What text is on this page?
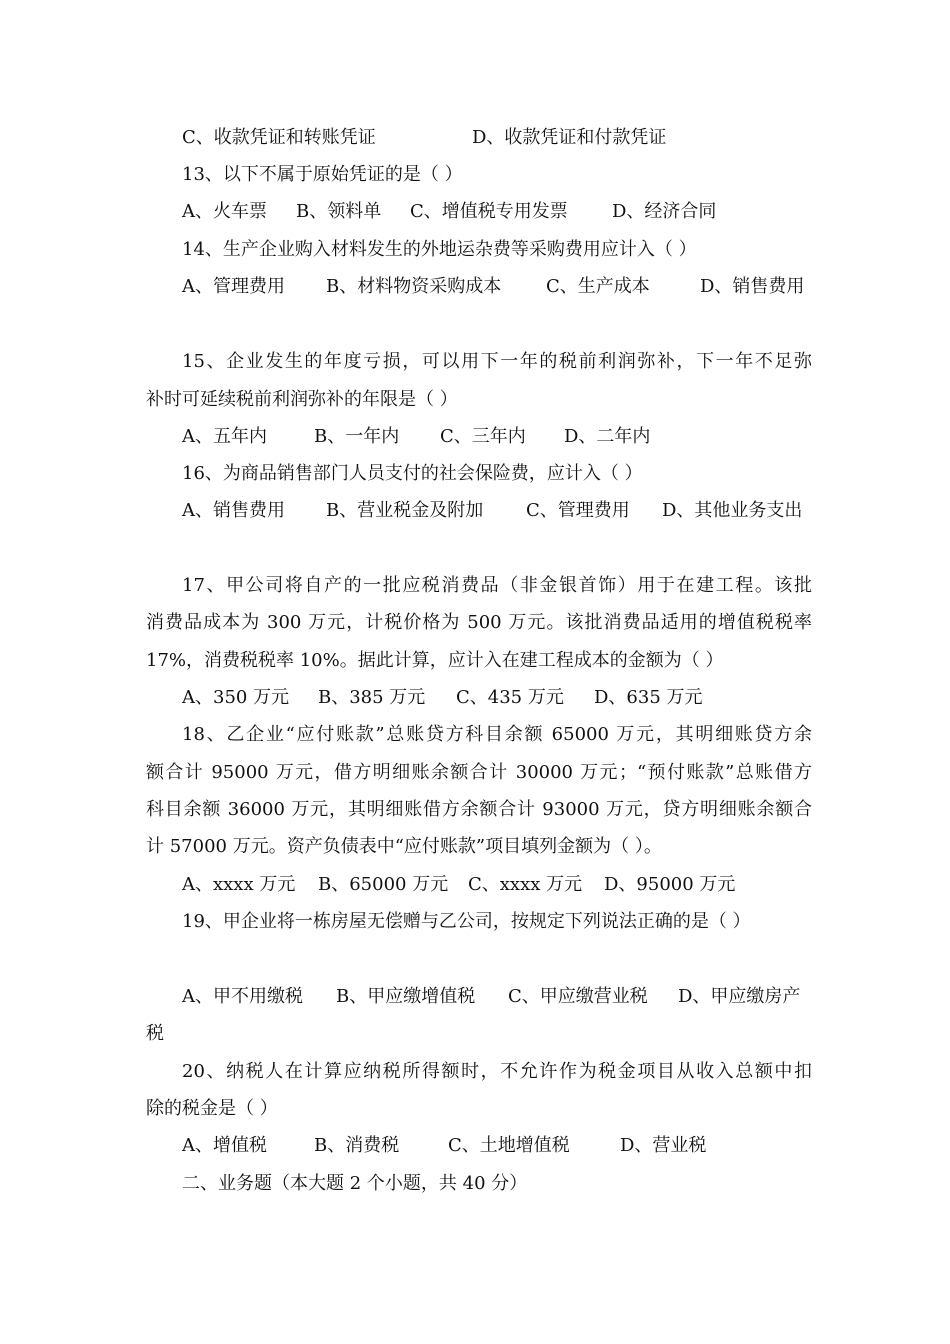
C、收款凭证和转账凭证	D、收款凭证和付款凭证
13、以下不属于原始凭证的是（ ）
A、火车票 B、领料单 C、增值税专用发票 D、经济合同
14、生产企业购入材料发生的外地运杂费等采购费用应计入（ ）
A、管理费用 B、材料物资采购成本 C、生产成本	D、销售费用
15、企业发生的年度亏损，可以用下一年的税前利润弥补，下一年不足弥
补时可延续税前利润弥补的年限是（ ）
A、五年内	B、一年内 C、三年内 D、二年内
16、为商品销售部门人员支付的社会保险费，应计入（ ）
A、销售费用 B、营业税金及附加 C、管理费用 D、其他业务支出
17、甲公司将自产的一批应税消费品（非金银首饰）用于在建工程。该批
消费品成本为 300 万元，计税价格为 500 万元。该批消费品适用的增值税税率
17%，消费税税率 10%。据此计算，应计入在建工程成本的金额为（ ）
A、350 万元 B、385 万元 C、435 万元 D、635 万元
18、乙企业“应付账款”总账贷方科目余额 65000 万元，其明细账贷方余
额合计 95000 万元，借方明细账余额合计 30000 万元；“预付账款”总账借方
科目余额 36000 万元，其明细账借方余额合计 93000 万元，贷方明细账余额合
计 57000 万元。资产负债表中“应付账款”项目填列金额为（ ）。
A、xxxx 万元 B、65000 万元 C、xxxx 万元 D、95000 万元
19、甲企业将一栋房屋无偿赠与乙公司，按规定下列说法正确的是（ ）
A、甲不用缴税 B、甲应缴增值税 C、甲应缴营业税 D、甲应缴房产
税
20、纳税人在计算应纳税所得额时，不允许作为税金项目从收入总额中扣
除的税金是（ ）
A、增值税	B、消费税	C、土地增值税	D、营业税
二、业务题（本大题 2 个小题，共 40 分）
